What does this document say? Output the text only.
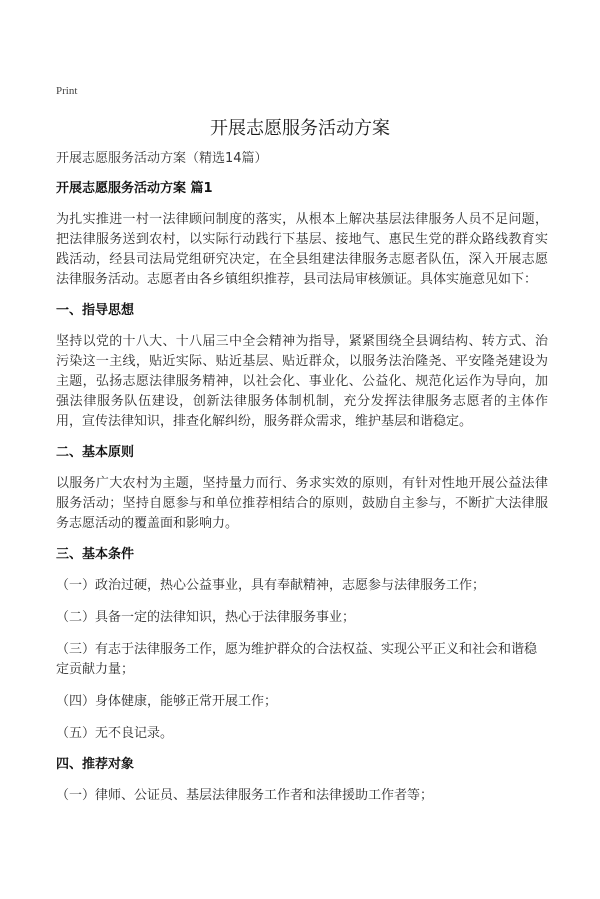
Print
开展志愿服务活动方案

开展志愿服务活动方案（精选14篇）

开展志愿服务活动方案 篇1

为扎实推进一村一法律顾问制度的落实，从根本上解决基层法律服务人员不足问题，把法律服务送到农村，以实际行动践行下基层、接地气、惠民生党的群众路线教育实践活动，经县司法局党组研究决定，在全县组建法律服务志愿者队伍，深入开展志愿法律服务活动。志愿者由各乡镇组织推荐，县司法局审核颁证。具体实施意见如下：

一、指导思想

坚持以党的十八大、十八届三中全会精神为指导，紧紧围绕全县调结构、转方式、治污染这一主线，贴近实际、贴近基层、贴近群众，以服务法治隆尧、平安隆尧建设为主题，弘扬志愿法律服务精神，以社会化、事业化、公益化、规范化运作为导向，加强法律服务队伍建设，创新法律服务体制机制，充分发挥法律服务志愿者的主体作用，宣传法律知识，排查化解纠纷，服务群众需求，维护基层和谐稳定。

二、基本原则

以服务广大农村为主题，坚持量力而行、务求实效的原则，有针对性地开展公益法律服务活动；坚持自愿参与和单位推荐相结合的原则，鼓励自主参与，不断扩大法律服务志愿活动的覆盖面和影响力。

三、基本条件

（一）政治过硬，热心公益事业，具有奉献精神，志愿参与法律服务工作；

（二）具备一定的法律知识，热心于法律服务事业；

（三）有志于法律服务工作，愿为维护群众的合法权益、实现公平正义和社会和谐稳定贡献力量；

（四）身体健康，能够正常开展工作；

（五）无不良记录。

四、推荐对象

（一）律师、公证员、基层法律服务工作者和法律援助工作者等；
